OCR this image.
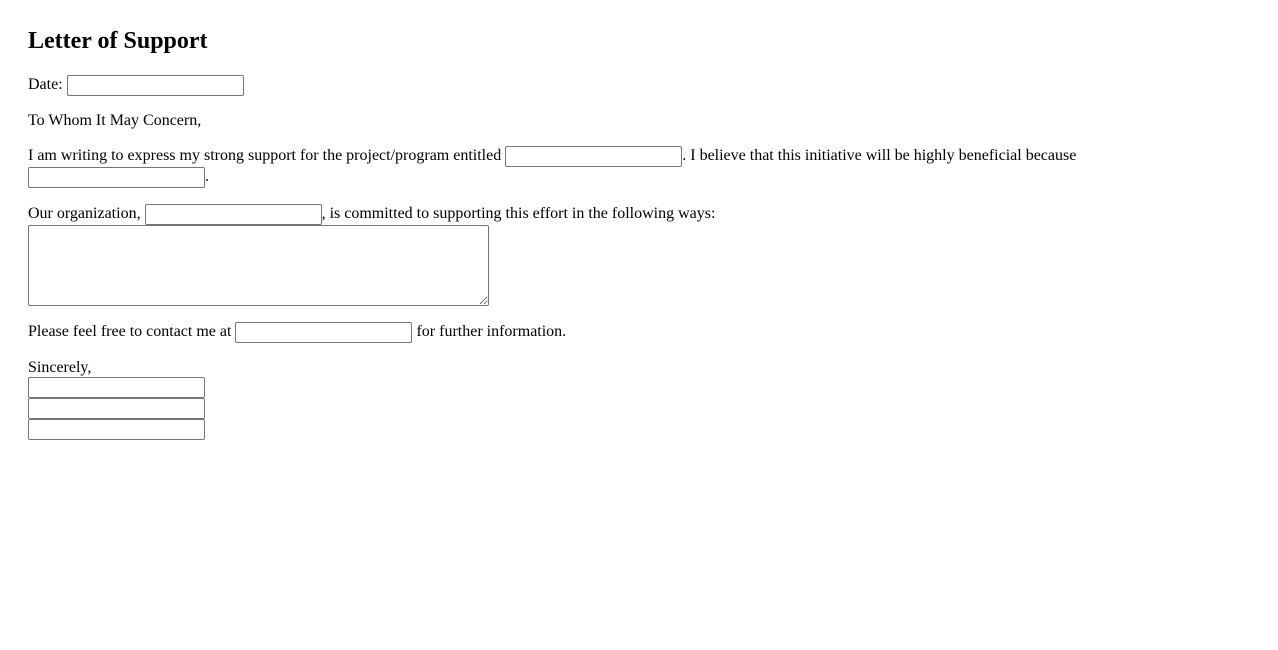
Letter of Support
Date:
To Whom It May Concern,
I am writing to express my strong support for the project/program entitled	. I believe that this initiative will be highly beneficial because
.
Our organization,	, is committed to supporting this effort in the following ways:
Please feel free to contact me at	for further information.
Sincerely,
